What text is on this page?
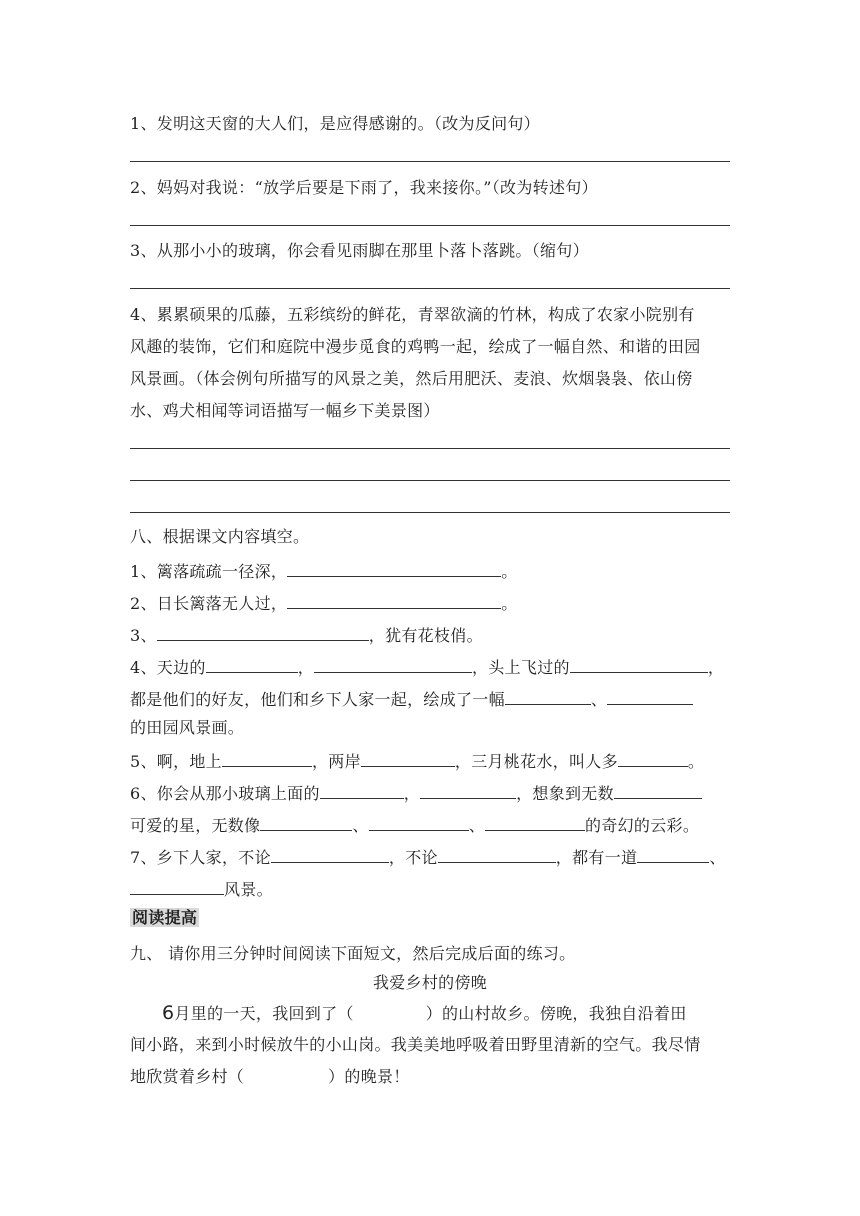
1、发明这天窗的大人们，是应得感谢的。（改为反问句）
2、妈妈对我说：“放学后要是下雨了，我来接你。”（改为转述句）
3、从那小小的玻璃，你会看见雨脚在那里卜落卜落跳。（缩句）
4、累累硕果的瓜藤，五彩缤纷的鲜花，青翠欲滴的竹林，构成了农家小院别有
风趣的装饰，它们和庭院中漫步觅食的鸡鸭一起，绘成了一幅自然、和谐的田园
风景画。（体会例句所描写的风景之美，然后用肥沃、麦浪、炊烟袅袅、依山傍
水、鸡犬相闻等词语描写一幅乡下美景图）
八、根据课文内容填空。
1、篱落疏疏一径深，	。
2、日长篱落无人过，	。
3、	，犹有花枝俏。
4、天边的	，	，头上飞过的	，
都是他们的好友，他们和乡下人家一起，绘成了一幅	、
的田园风景画。
5、啊，地上	，两岸	，三月桃花水，叫人多	。
6、你会从那小玻璃上面的	，	，想象到无数
可爱的星，无数像	、	、	的奇幻的云彩。
7、乡下人家，不论	，不论	，都有一道	、
风景。
阅读提高
九、 请你用三分钟时间阅读下面短文，然后完成后面的练习。
我爱乡村的傍晚
6月里的一天，我回到了（	）的山村故乡。傍晚，我独自沿着田
间小路，来到小时候放牛的小山岗。我美美地呼吸着田野里清新的空气。我尽情
地欣赏着乡村（	）的晚景！
